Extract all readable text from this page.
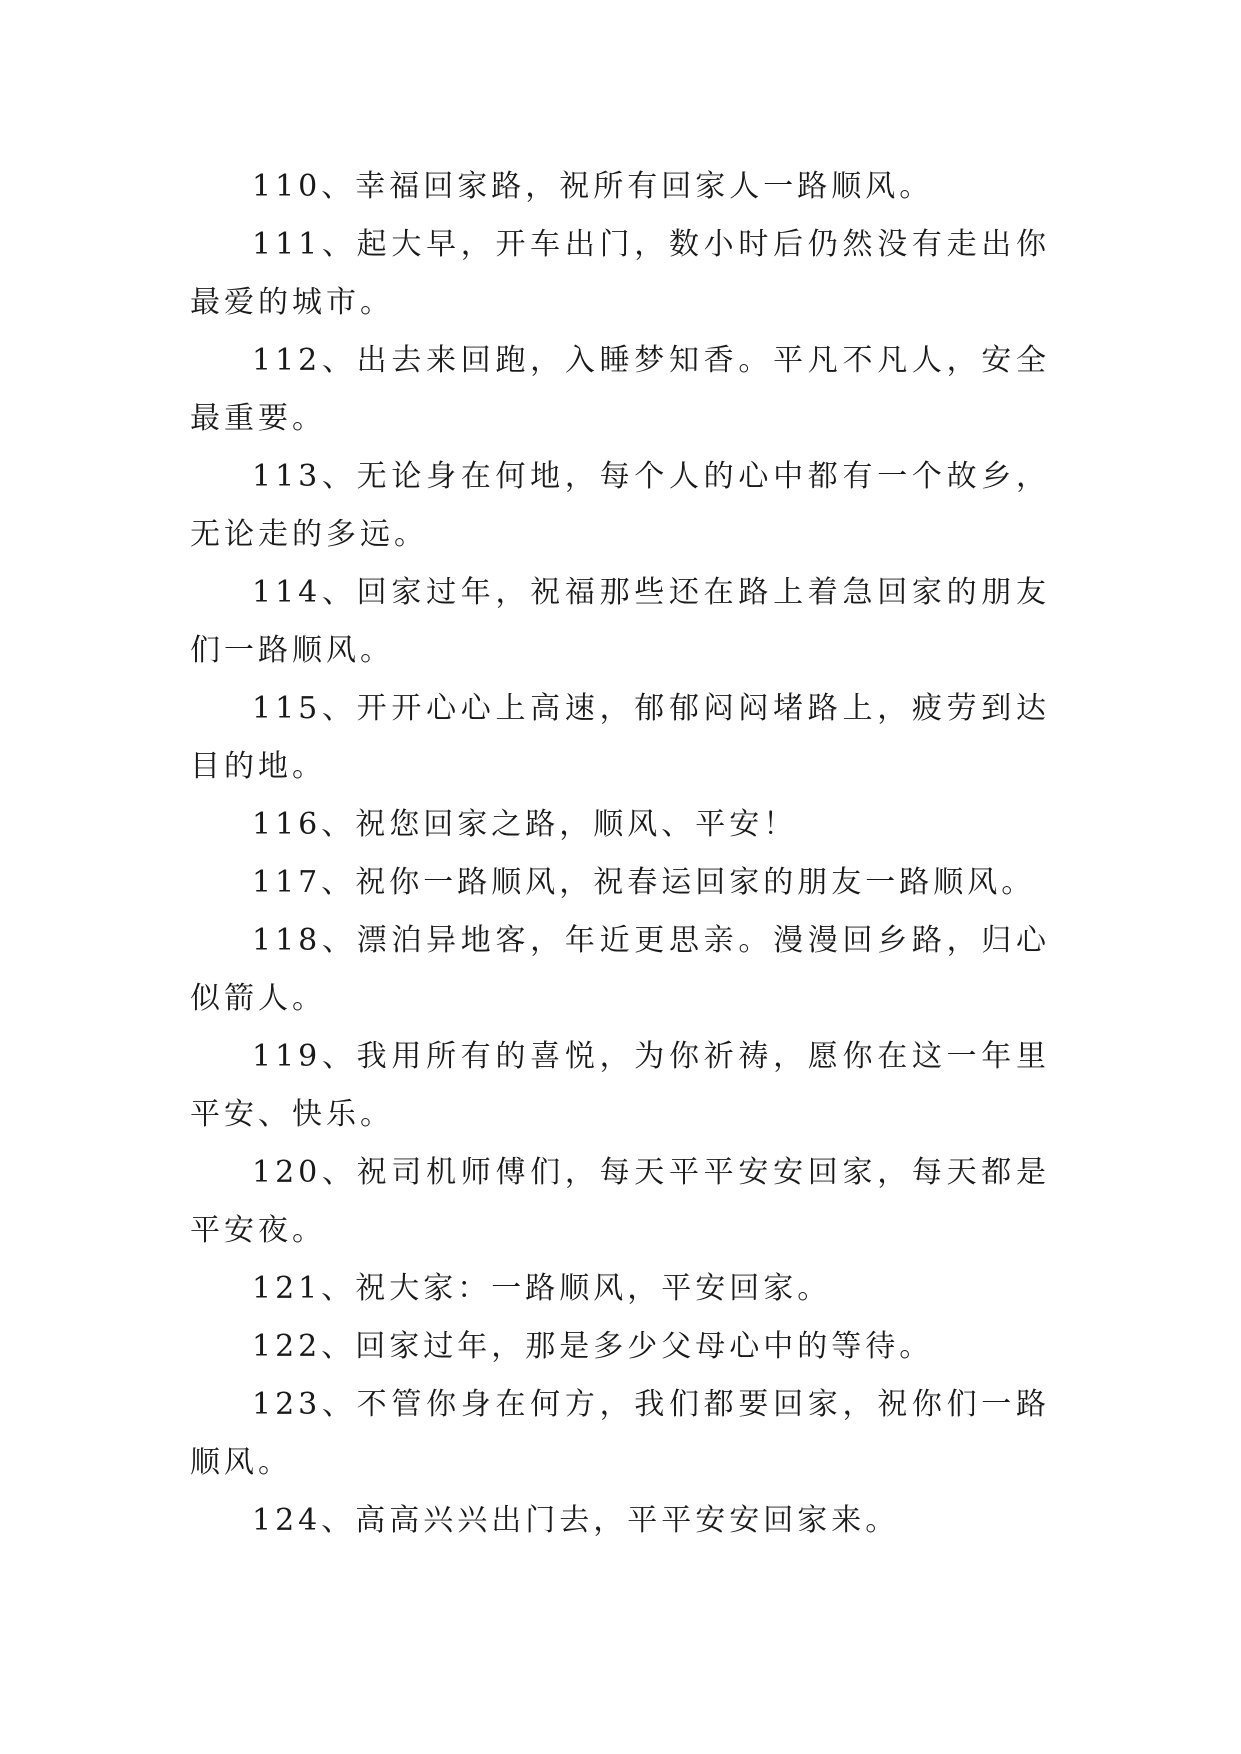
110、幸福回家路，祝所有回家人一路顺风。

111、起大早，开车出门，数小时后仍然没有走出你最爱的城市。

112、出去来回跑，入睡梦知香。平凡不凡人，安全最重要。

113、无论身在何地，每个人的心中都有一个故乡，无论走的多远。

114、回家过年，祝福那些还在路上着急回家的朋友们一路顺风。

115、开开心心上高速，郁郁闷闷堵路上，疲劳到达目的地。

116、祝您回家之路，顺风、平安！

117、祝你一路顺风，祝春运回家的朋友一路顺风。

118、漂泊异地客，年近更思亲。漫漫回乡路，归心似箭人。

119、我用所有的喜悦，为你祈祷，愿你在这一年里平安、快乐。

120、祝司机师傅们，每天平平安安回家，每天都是平安夜。

121、祝大家：一路顺风，平安回家。

122、回家过年，那是多少父母心中的等待。

123、不管你身在何方，我们都要回家，祝你们一路顺风。

124、高高兴兴出门去，平平安安回家来。
